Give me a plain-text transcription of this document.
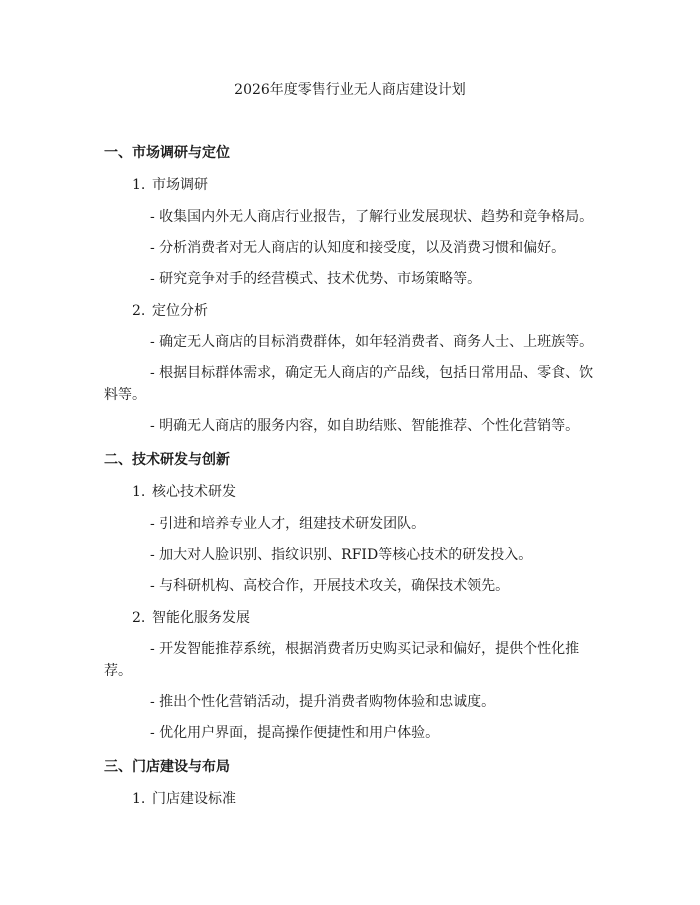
2026年度零售行业无人商店建设计划
一、市场调研与定位
1. 市场调研
- 收集国内外无人商店行业报告，了解行业发展现状、趋势和竞争格局。
- 分析消费者对无人商店的认知度和接受度，以及消费习惯和偏好。
- 研究竞争对手的经营模式、技术优势、市场策略等。
2. 定位分析
- 确定无人商店的目标消费群体，如年轻消费者、商务人士、上班族等。
- 根据目标群体需求，确定无人商店的产品线，包括日常用品、零食、饮料等。
- 明确无人商店的服务内容，如自助结账、智能推荐、个性化营销等。
二、技术研发与创新
1. 核心技术研发
- 引进和培养专业人才，组建技术研发团队。
- 加大对人脸识别、指纹识别、RFID等核心技术的研发投入。
- 与科研机构、高校合作，开展技术攻关，确保技术领先。
2. 智能化服务发展
- 开发智能推荐系统，根据消费者历史购买记录和偏好，提供个性化推荐。
- 推出个性化营销活动，提升消费者购物体验和忠诚度。
- 优化用户界面，提高操作便捷性和用户体验。
三、门店建设与布局
1. 门店建设标准
